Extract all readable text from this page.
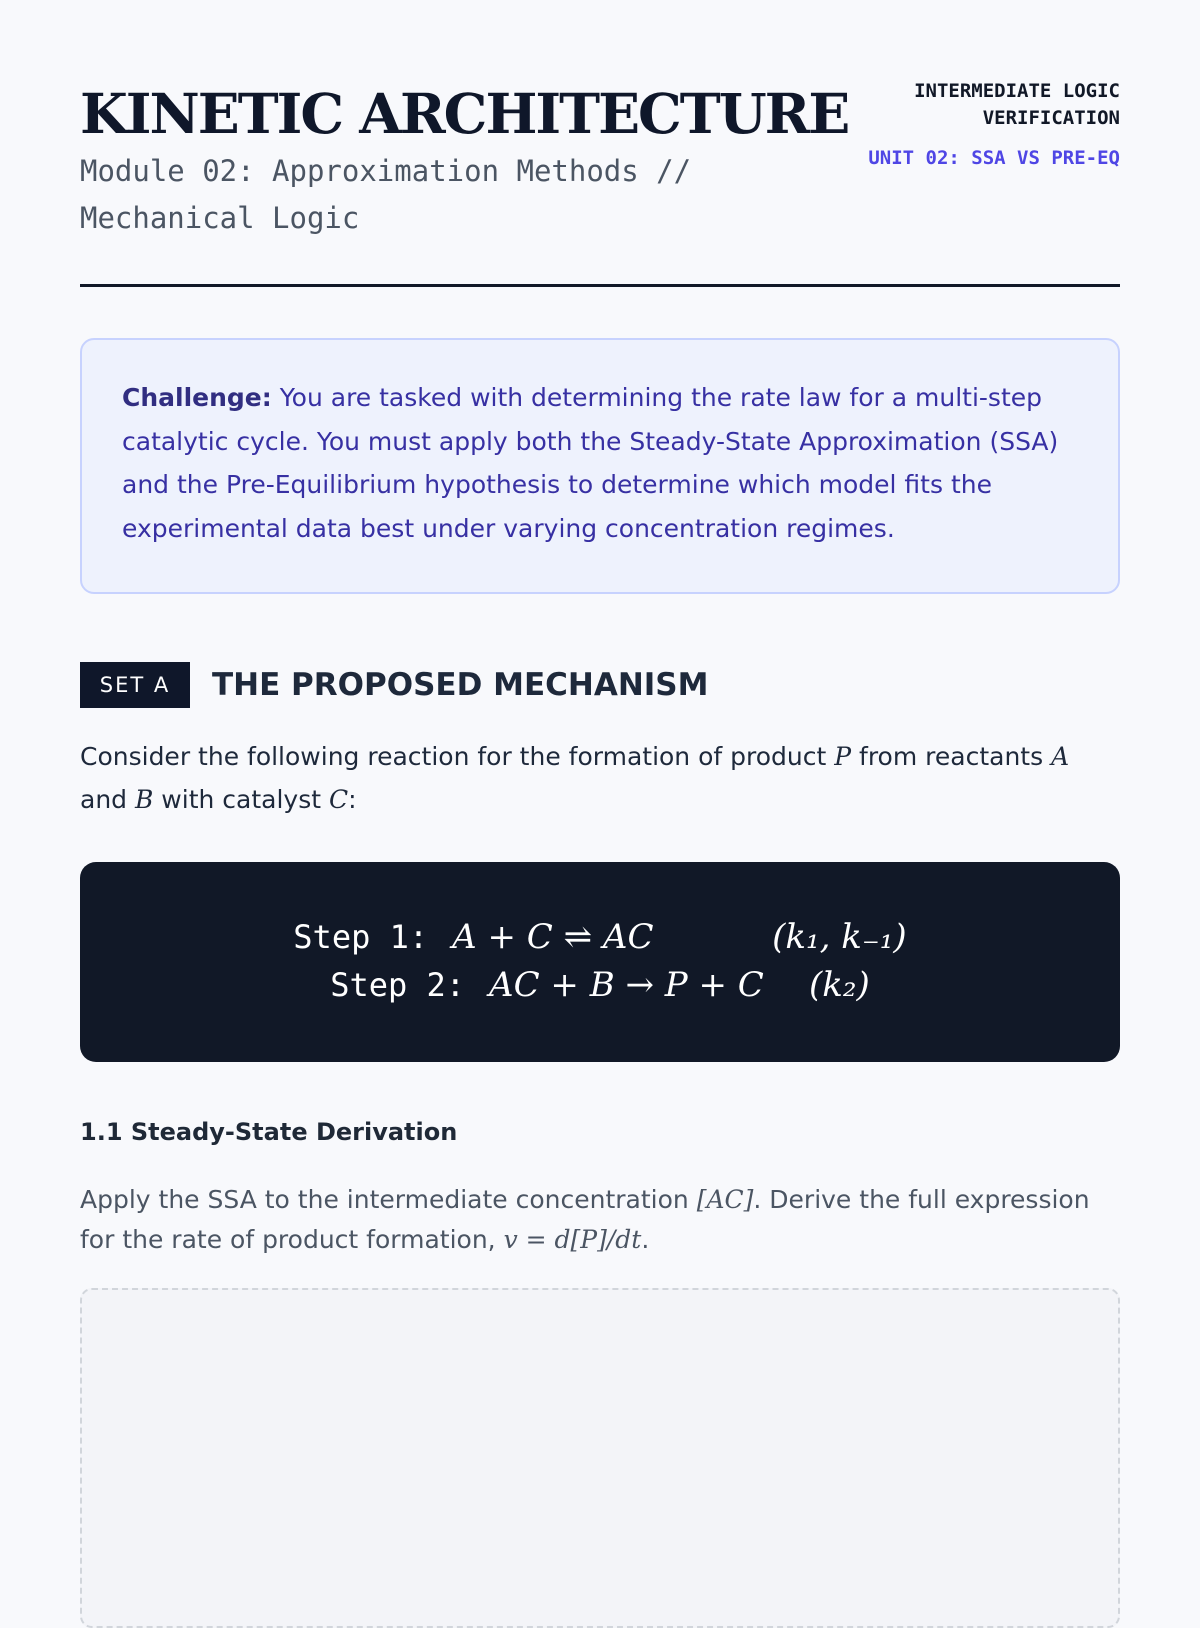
KINETIC ARCHITECTURE
Module 02: Approximation Methods // Mechanical Logic
INTERMEDIATE LOGIC VERIFICATION
UNIT 02: SSA VS PRE-EQ
Challenge: You are tasked with determining the rate law for a multi-step catalytic cycle. You must apply both the Steady-State Approximation (SSA) and the Pre-Equilibrium hypothesis to determine which model fits the experimental data best under varying concentration regimes.
SET A	THE PROPOSED MECHANISM
Consider the following reaction for the formation of product P from reactants A and B with catalyst C:
Step 1: A + C ⇌ AC	(k₁, k₋₁)
Step 2: AC + B → P + C	(k₂)
1.1 Steady-State Derivation
Apply the SSA to the intermediate concentration [AC]. Derive the full expression for the rate of product formation, v = d[P]/dt.
